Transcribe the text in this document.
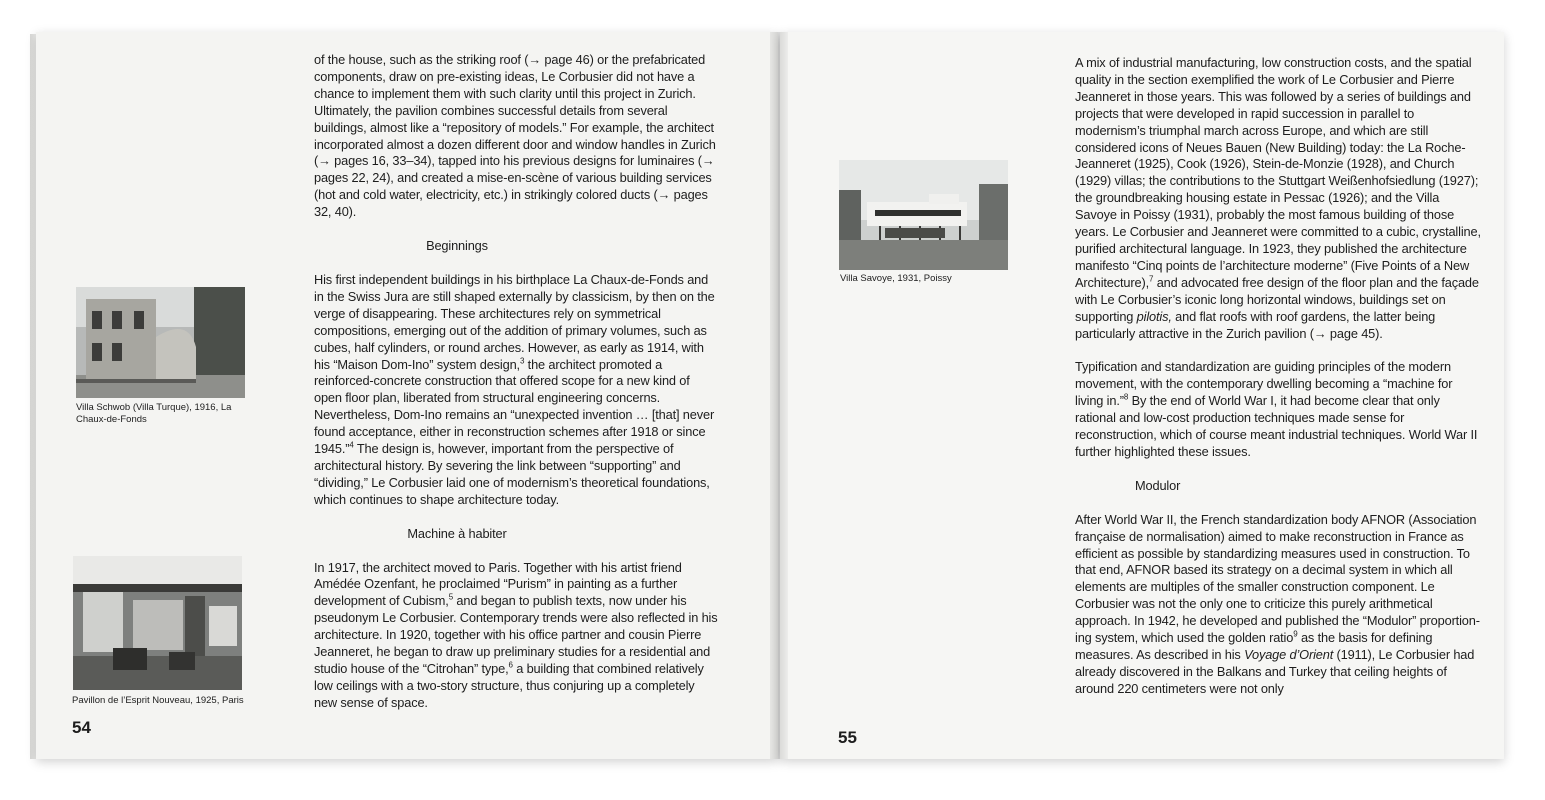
Villa Schwob (Villa Turque), 1916, La Chaux-de-Fonds
Pavillon de l’Esprit Nouveau, 1925, Paris

of the house, such as the striking roof (→ page 46) or the prefabricated components, draw on pre-existing ideas, Le Corbusier did not have a chance to implement them with such clarity until this project in Zurich. Ultimately, the pavilion combines successful details from several buildings, almost like a “repository of models.” For example, the architect incorporated almost a dozen different door and window handles in Zurich (→ pages 16, 33–34), tapped into his previous designs for luminaires (→ pages 22, 24), and created a mise-en-scène of various building services (hot and cold water, electricity, etc.) in strikingly colored ducts (→ pages 32, 40).

Beginnings

His first independent buildings in his birthplace La Chaux-de-Fonds and in the Swiss Jura are still shaped externally by classicism, by then on the verge of disappearing. These architectures rely on symmetrical compositions, emerging out of the addition of primary volumes, such as cubes, half cylinders, or round arches. However, as early as 1914, with his “Maison Dom-Ino” system design,$^3$ the architect promoted a reinforced-concrete construction that offered scope for a new kind of open floor plan, liberated from structural engineering concerns. Nevertheless, Dom-Ino remains an “unexpected invention … [that] never found acceptance, either in reconstruction schemes after 1918 or since 1945.”$^4$ The design is, however, important from the perspective of architectural history. By severing the link between “supporting” and “dividing,” Le Corbusier laid one of modernism’s theoretical foundations, which continues to shape architecture today.

Machine à habiter

In 1917, the architect moved to Paris. Together with his artist friend Amédée Ozenfant, he proclaimed “Purism” in painting as a further development of Cubism,$^5$ and began to publish texts, now under his pseudonym Le Corbusier. Contemporary trends were also reflected in his architecture. In 1920, together with his office partner and cousin Pierre Jeanneret, he began to draw up preliminary studies for a residential and studio house of the “Citrohan” type,$^6$ a building that combined relatively low ceilings with a two-story structure, thus conjuring up a completely new sense of space.

54
Villa Savoye, 1931, Poissy

A mix of industrial manufacturing, low construction costs, and the spatial quality in the section exemplified the work of Le Corbusier and Pierre Jeanneret in those years. This was followed by a series of buildings and projects that were developed in rapid succession in parallel to modernism’s triumphal march across Europe, and which are still considered icons of Neues Bauen (New Building) today: the La Roche-Jeanneret (1925), Cook (1926), Stein-de-Monzie (1928), and Church (1929) villas; the contributions to the Stuttgart Weißenhofsiedlung (1927); the groundbreaking housing estate in Pessac (1926); and the Villa Savoye in Poissy (1931), probably the most famous building of those years. Le Corbusier and Jeanneret were committed to a cubic, crystalline, purified architectural language. In 1923, they published the architecture manifesto “Cinq points de l’architecture moderne” (Five Points of a New Architecture),$^7$ and advocated free design of the floor plan and the façade with Le Corbusier’s iconic long horizontal windows, buildings set on supporting pilotis, and flat roofs with roof gardens, the latter being particularly attractive in the Zurich pavilion (→ page 45).

Typification and standardization are guiding principles of the modern movement, with the contemporary dwelling becoming a “machine for living in.”$^8$ By the end of World War I, it had become clear that only rational and low-cost production techniques made sense for reconstruction, which of course meant industrial techniques. World War II further highlighted these issues.

Modulor

After World War II, the French standardization body AFNOR (Association française de normalisation) aimed to make reconstruction in France as efficient as possible by standardizing measures used in construction. To that end, AFNOR based its strategy on a decimal system in which all elements are multiples of the smaller construction component. Le Corbusier was not the only one to criticize this purely arithmetical approach. In 1942, he developed and published the “Modulor” proportioning system, which used the golden ratio$^9$ as the basis for defining measures. As described in his Voyage d’Orient (1911), Le Corbusier had already discovered in the Balkans and Turkey that ceiling heights of around 220 centimeters were not only

55
